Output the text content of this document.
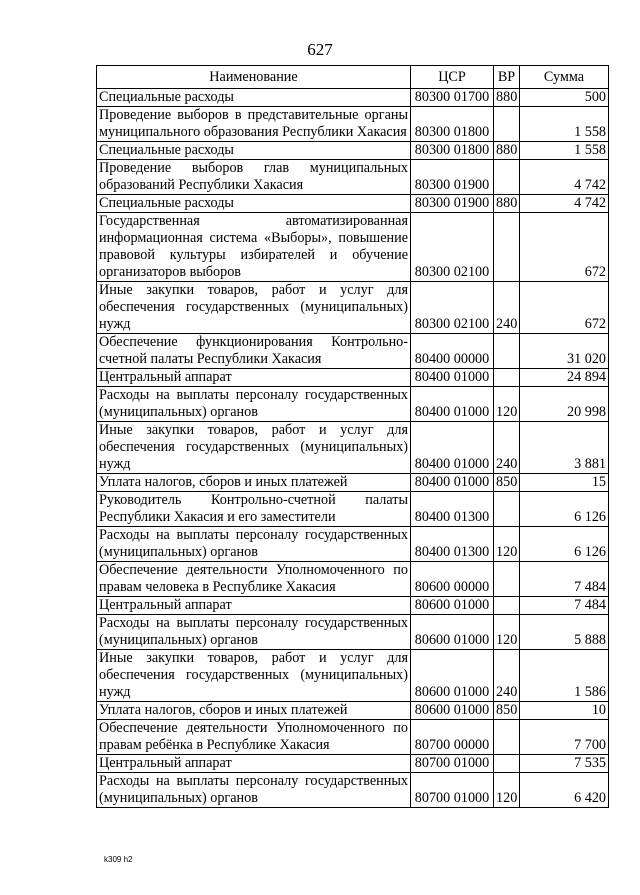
627
Наименование	ЦСР	ВР	Сумма
Специальные расходы	80300 01700	880	500
Проведение выборов в представительные органы муниципального образования Республики Хакасия	80300 01800		1 558
Специальные расходы	80300 01800	880	1 558
Проведение выборов глав муниципальных образований Республики Хакасия	80300 01900		4 742
Специальные расходы	80300 01900	880	4 742
Государственная автоматизированная информационная система «Выборы», повышение правовой культуры избирателей и обучение организаторов выборов	80300 02100		672
Иные закупки товаров, работ и услуг для обеспечения государственных (муниципальных) нужд	80300 02100	240	672
Обеспечение функционирования Контрольно-счетной палаты Республики Хакасия	80400 00000		31 020
Центральный аппарат	80400 01000		24 894
Расходы на выплаты персоналу государственных (муниципальных) органов	80400 01000	120	20 998
Иные закупки товаров, работ и услуг для обеспечения государственных (муниципальных) нужд	80400 01000	240	3 881
Уплата налогов, сборов и иных платежей	80400 01000	850	15
Руководитель Контрольно-счетной палаты Республики Хакасия и его заместители	80400 01300		6 126
Расходы на выплаты персоналу государственных (муниципальных) органов	80400 01300	120	6 126
Обеспечение деятельности Уполномоченного по правам человека в Республике Хакасия	80600 00000		7 484
Центральный аппарат	80600 01000		7 484
Расходы на выплаты персоналу государственных (муниципальных) органов	80600 01000	120	5 888
Иные закупки товаров, работ и услуг для обеспечения государственных (муниципальных) нужд	80600 01000	240	1 586
Уплата налогов, сборов и иных платежей	80600 01000	850	10
Обеспечение деятельности Уполномоченного по правам ребёнка в Республике Хакасия	80700 00000		7 700
Центральный аппарат	80700 01000		7 535
Расходы на выплаты персоналу государственных (муниципальных) органов	80700 01000	120	6 420
k309 h2
